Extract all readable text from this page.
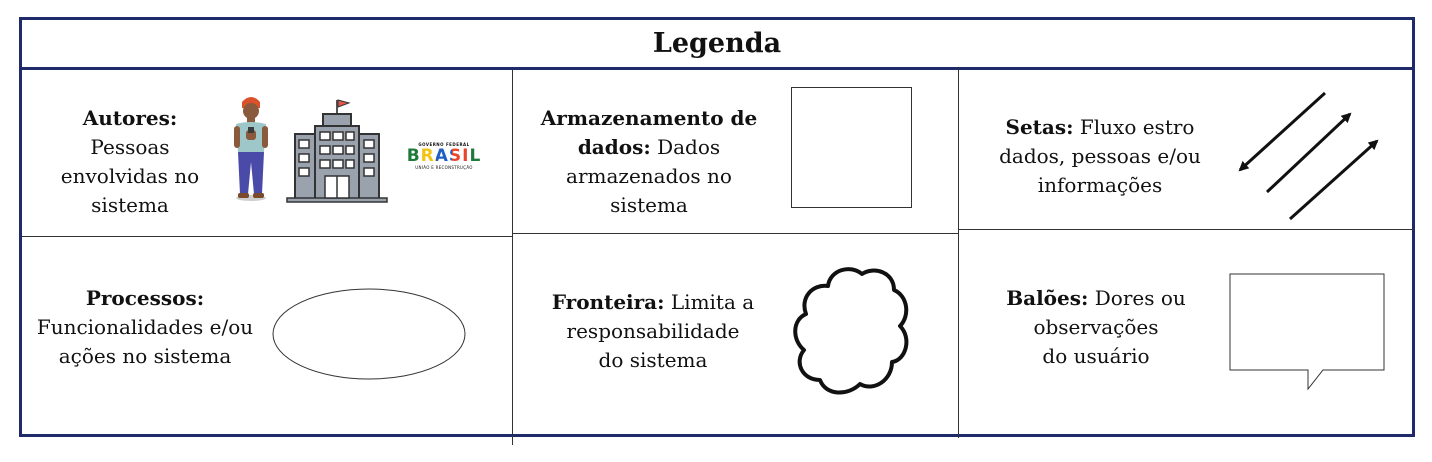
Legenda
Autores: Pessoas
envolvidas no
sistema
GOVERNO FEDERAL
BRASIL
UNIÃO E RECONSTRUÇÃO
Armazenamento de
dados: Dados
armazenados no sistema
Setas: Fluxo estro
dados, pessoas e/ou
informações
Processos:
Funcionalidades e/ou
ações no sistema
Fronteira: Limita a
responsabilidade
do sistema
Balões: Dores ou
observações
do usuário
